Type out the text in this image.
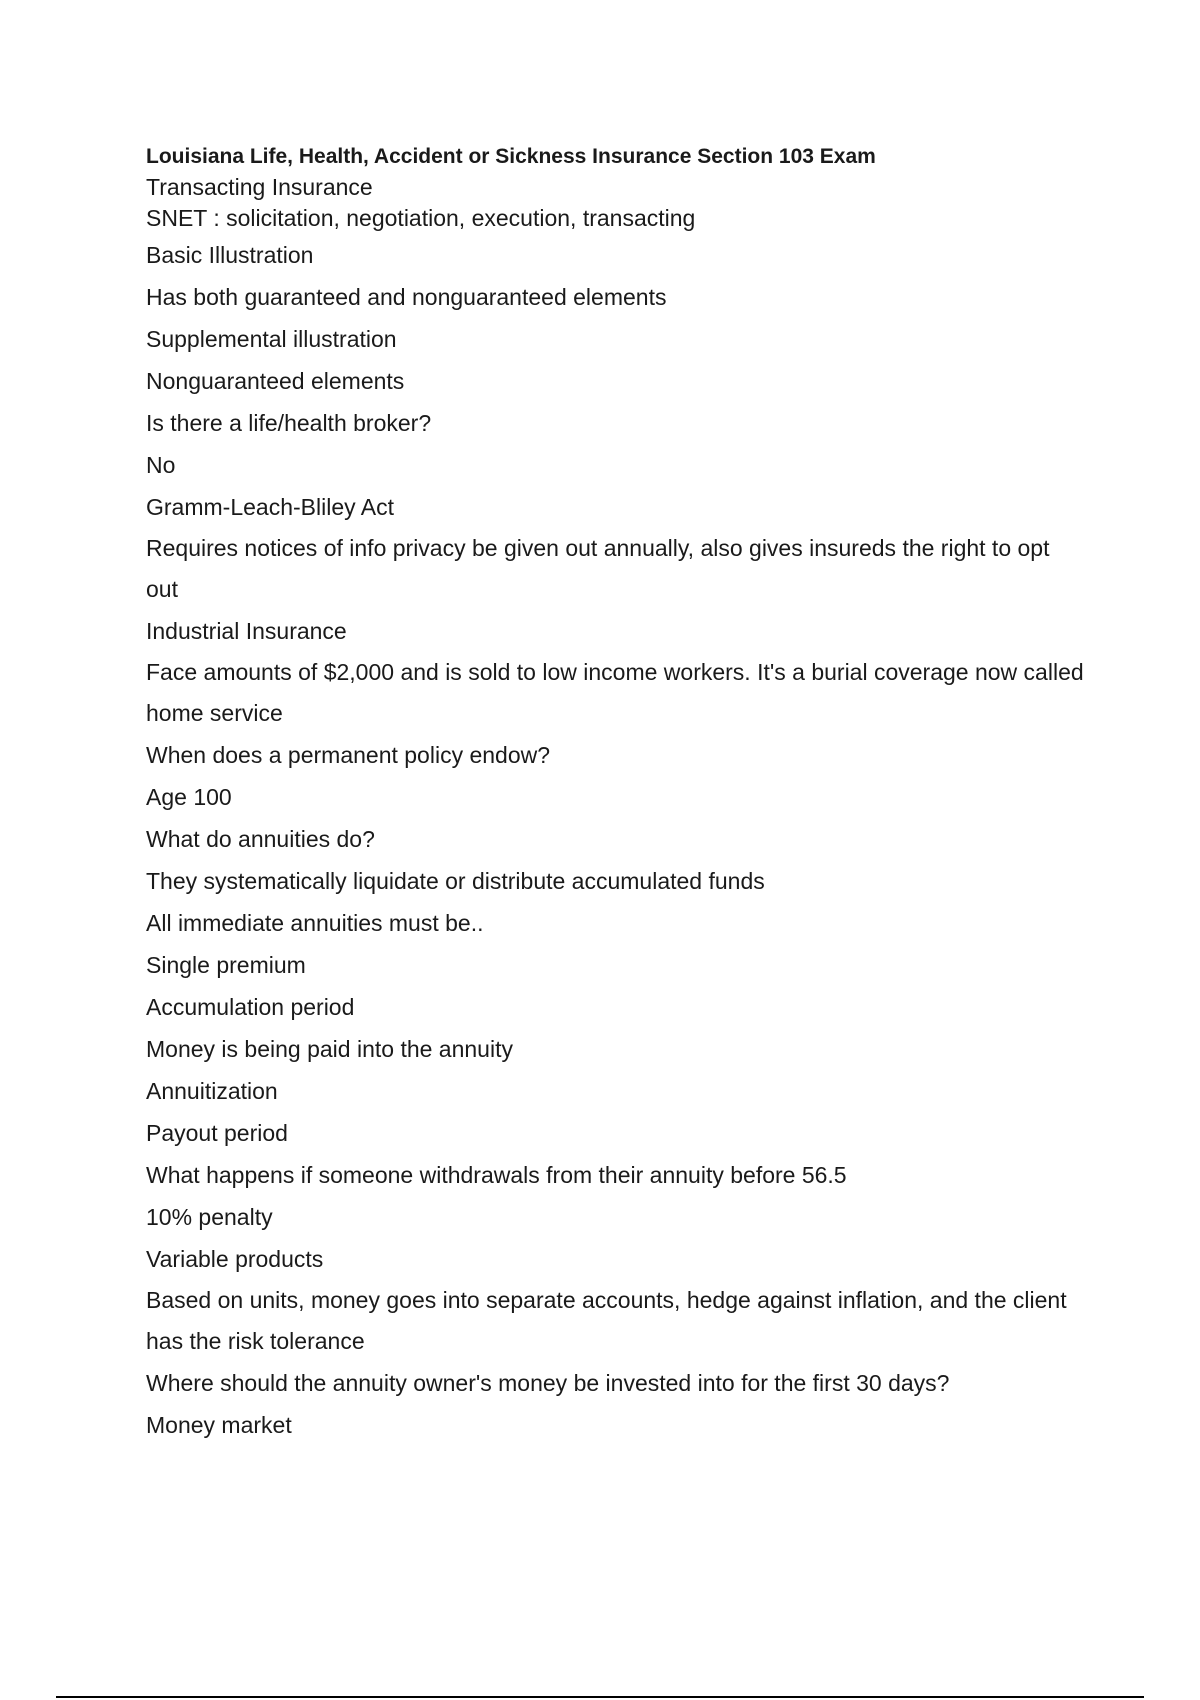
Louisiana Life, Health, Accident or Sickness Insurance Section 103 Exam

Transacting Insurance

SNET : solicitation, negotiation, execution, transacting

Basic Illustration

Has both guaranteed and nonguaranteed elements

Supplemental illustration

Nonguaranteed elements

Is there a life/health broker?

No

Gramm-Leach-Bliley Act

Requires notices of info privacy be given out annually, also gives insureds the right to opt out

Industrial Insurance

Face amounts of $2,000 and is sold to low income workers. It's a burial coverage now called home service

When does a permanent policy endow?

Age 100

What do annuities do?

They systematically liquidate or distribute accumulated funds

All immediate annuities must be..

Single premium

Accumulation period

Money is being paid into the annuity

Annuitization

Payout period

What happens if someone withdrawals from their annuity before 56.5

10% penalty

Variable products

Based on units, money goes into separate accounts, hedge against inflation, and the client has the risk tolerance

Where should the annuity owner's money be invested into for the first 30 days?

Money market
